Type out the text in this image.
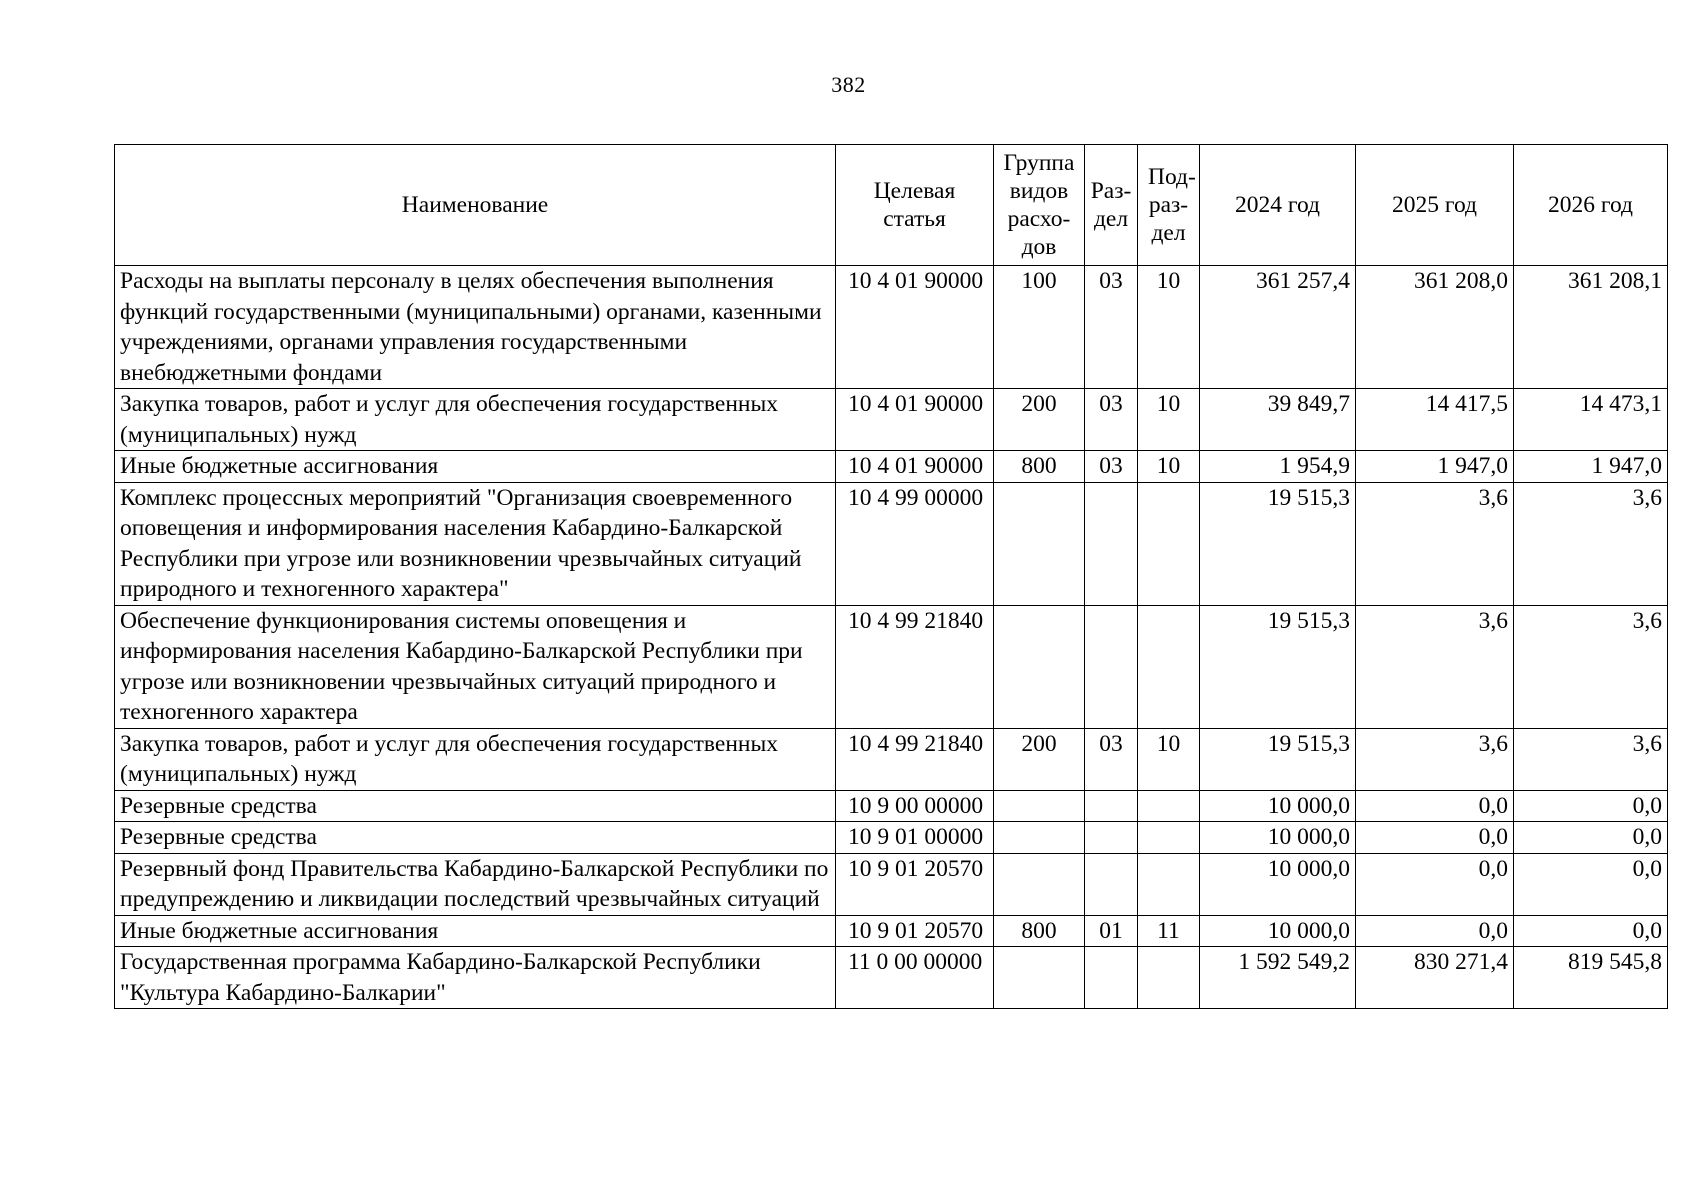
382
Наименование	Целевая статья	Группа видов расхо-дов	Раз-дел	Под-раз-дел	2024 год	2025 год	2026 год
Расходы на выплаты персоналу в целях обеспечения выполнения функций государственными (муниципальными) органами, казенными учреждениями, органами управления государственными внебюджетными фондами	10 4 01 90000	100	03	10	361 257,4	361 208,0	361 208,1
Закупка товаров, работ и услуг для обеспечения государственных (муниципальных) нужд	10 4 01 90000	200	03	10	39 849,7	14 417,5	14 473,1
Иные бюджетные ассигнования	10 4 01 90000	800	03	10	1 954,9	1 947,0	1 947,0
Комплекс процессных мероприятий "Организация своевременного оповещения и информирования населения Кабардино-Балкарской Республики при угрозе или возникновении чрезвычайных ситуаций природного и техногенного характера"	10 4 99 00000				19 515,3	3,6	3,6
Обеспечение функционирования системы оповещения и информирования населения Кабардино-Балкарской Республики при угрозе или возникновении чрезвычайных ситуаций природного и техногенного характера	10 4 99 21840				19 515,3	3,6	3,6
Закупка товаров, работ и услуг для обеспечения государственных (муниципальных) нужд	10 4 99 21840	200	03	10	19 515,3	3,6	3,6
Резервные средства	10 9 00 00000				10 000,0	0,0	0,0
Резервные средства	10 9 01 00000				10 000,0	0,0	0,0
Резервный фонд Правительства Кабардино-Балкарской Республики по предупреждению и ликвидации последствий чрезвычайных ситуаций	10 9 01 20570				10 000,0	0,0	0,0
Иные бюджетные ассигнования	10 9 01 20570	800	01	11	10 000,0	0,0	0,0
Государственная программа Кабардино-Балкарской Республики "Культура Кабардино-Балкарии"	11 0 00 00000				1 592 549,2	830 271,4	819 545,8
